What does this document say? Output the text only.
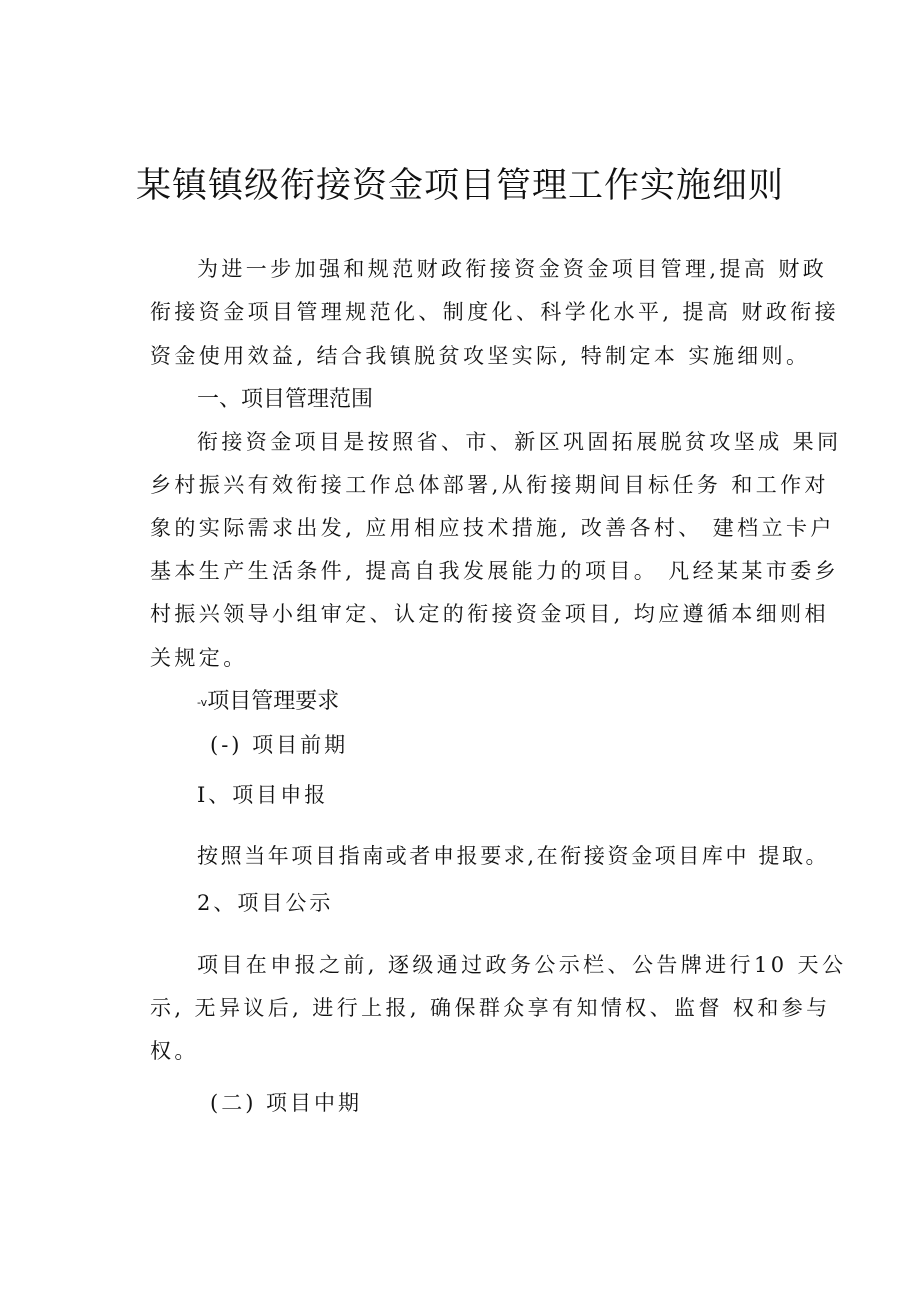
某镇镇级衔接资金项目管理工作实施细则
为进一步加强和规范财政衔接资金资金项目管理,提高 财政
衔接资金项目管理规范化、制度化、科学化水平, 提高 财政衔接
资金使用效益, 结合我镇脱贫攻坚实际, 特制定本 实施细则。
一、项目管理范围
衔接资金项目是按照省、市、新区巩固拓展脱贫攻坚成 果同
乡村振兴有效衔接工作总体部署,从衔接期间目标任务 和工作对
象的实际需求出发, 应用相应技术措施, 改善各村、 建档立卡户
基本生产生活条件, 提高自我发展能力的项目。 凡经某某市委乡
村振兴领导小组审定、认定的衔接资金项目, 均应遵循本细则相
关规定。
-v项目管理要求
(-) 项目前期
I、项目申报
按照当年项目指南或者申报要求,在衔接资金项目库中 提取。
2、项目公示
项目在申报之前, 逐级通过政务公示栏、公告牌进行10 天公
示, 无异议后, 进行上报, 确保群众享有知情权、监督 权和参与
权。
(二) 项目中期
